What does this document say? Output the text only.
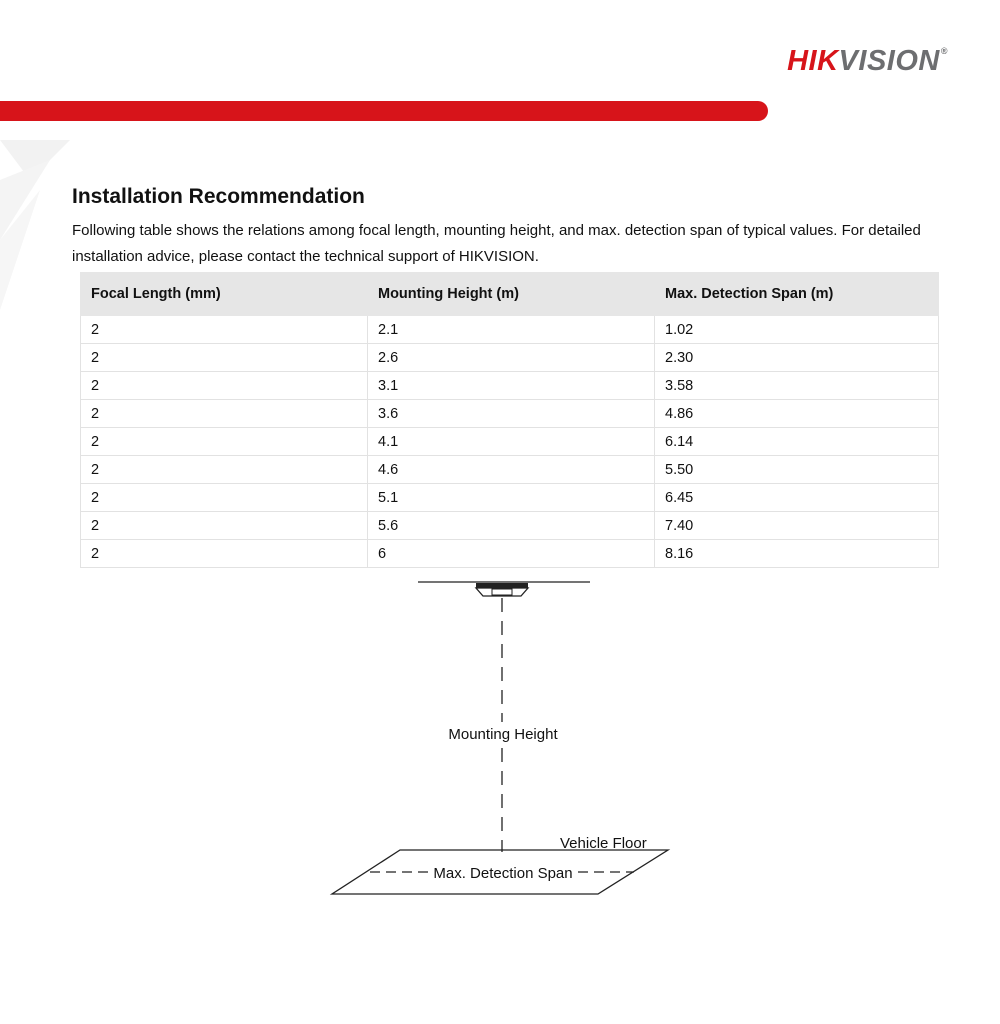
HIKVISION®
Installation Recommendation

Following table shows the relations among focal length, mounting height, and max. detection span of typical values. For detailed installation advice, please contact the technical support of HIKVISION.

Focal Length (mm)	Mounting Height (m)	Max. Detection Span (m)
2	2.1	1.02
2	2.6	2.30
2	3.1	3.58
2	3.6	4.86
2	4.1	6.14
2	4.6	5.50
2	5.1	6.45
2	5.6	7.40
2	6	8.16
Mounting Height
Vehicle Floor
Max. Detection Span
